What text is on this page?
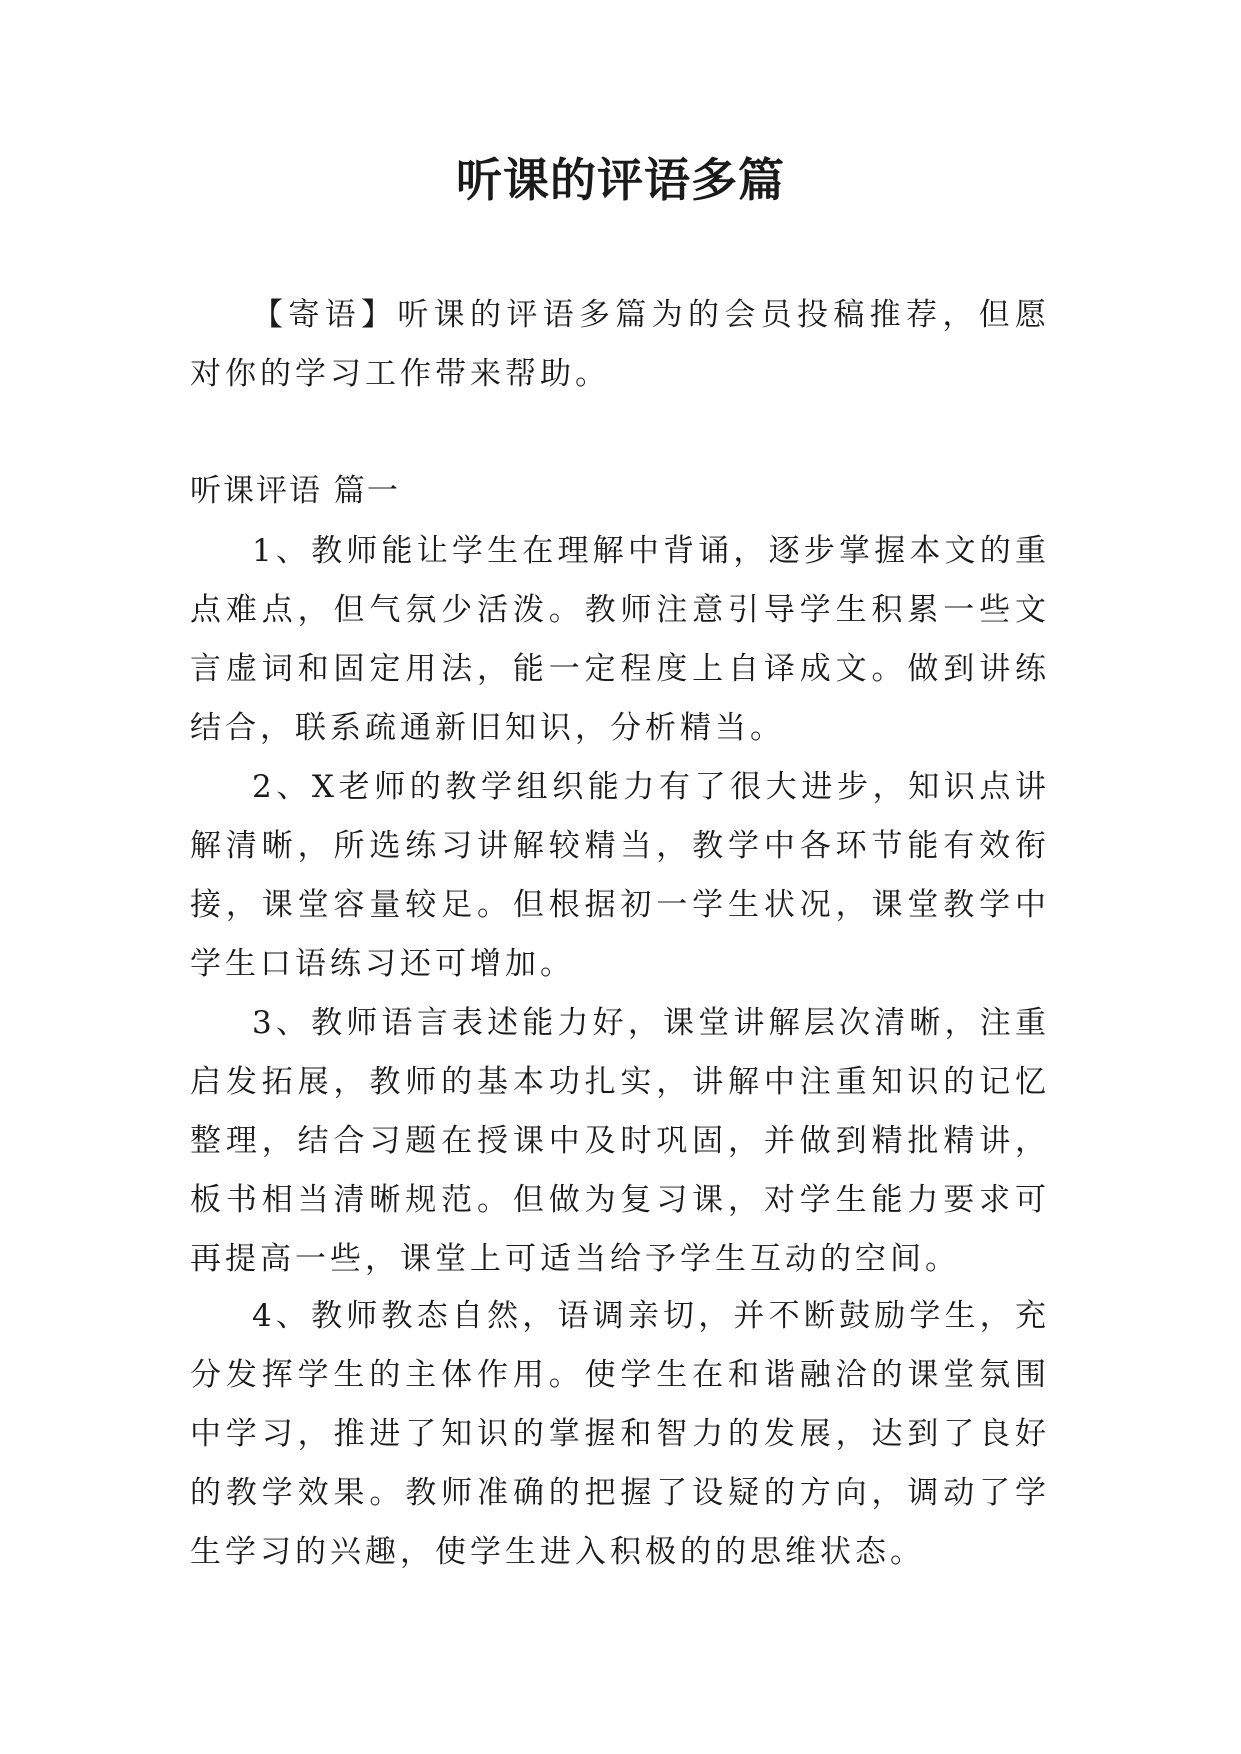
听课的评语多篇

【寄语】听课的评语多篇为的会员投稿推荐，但愿对你的学习工作带来帮助。

听课评语 篇一

1、教师能让学生在理解中背诵，逐步掌握本文的重点难点，但气氛少活泼。教师注意引导学生积累一些文言虚词和固定用法，能一定程度上自译成文。做到讲练结合，联系疏通新旧知识，分析精当。

2、X老师的教学组织能力有了很大进步，知识点讲解清晰，所选练习讲解较精当，教学中各环节能有效衔接，课堂容量较足。但根据初一学生状况，课堂教学中学生口语练习还可增加。

3、教师语言表述能力好，课堂讲解层次清晰，注重启发拓展，教师的基本功扎实，讲解中注重知识的记忆整理，结合习题在授课中及时巩固，并做到精批精讲，板书相当清晰规范。但做为复习课，对学生能力要求可再提高一些，课堂上可适当给予学生互动的空间。

4、教师教态自然，语调亲切，并不断鼓励学生，充分发挥学生的主体作用。使学生在和谐融洽的课堂氛围中学习，推进了知识的掌握和智力的发展，达到了良好的教学效果。教师准确的把握了设疑的方向，调动了学生学习的兴趣，使学生进入积极的的思维状态。
